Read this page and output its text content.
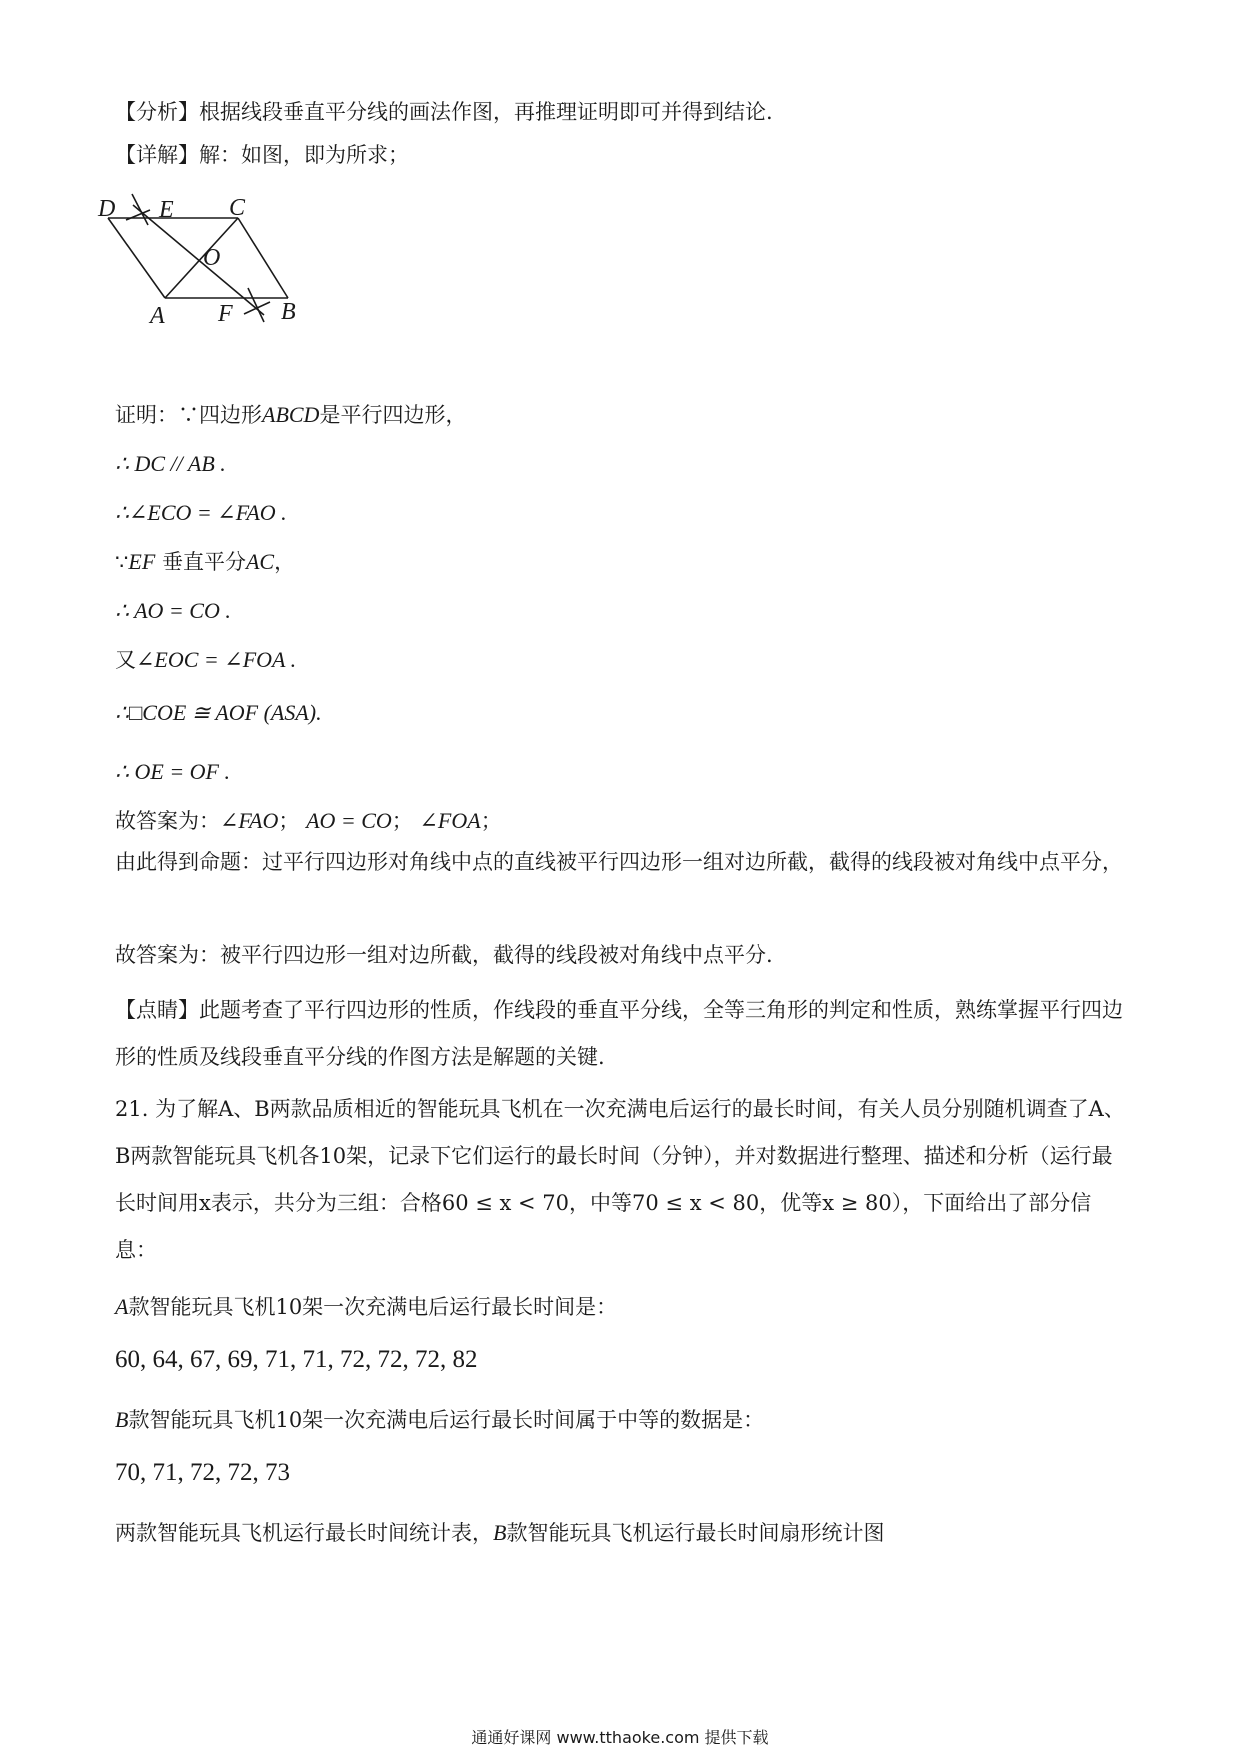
【分析】根据线段垂直平分线的画法作图，再推理证明即可并得到结论.
【详解】解：如图，即为所求；
D E C
O
A F B
证明：∵四边形ABCD是平行四边形，
∴ DC // AB .
∴∠ECO = ∠FAO .
∵EF 垂直平分AC，
∴ AO = CO .
又∠EOC = ∠FOA .
∴□COE ≅ AOF (ASA).
∴ OE = OF .
故答案为：∠FAO； AO = CO； ∠FOA；
由此得到命题：过平行四边形对角线中点的直线被平行四边形一组对边所截，截得的线段被对角线中点平分，
故答案为：被平行四边形一组对边所截，截得的线段被对角线中点平分.
【点睛】此题考查了平行四边形的性质，作线段的垂直平分线，全等三角形的判定和性质，熟练掌握平行四边形的性质及线段垂直平分线的作图方法是解题的关键.
21. 为了解A、B两款品质相近的智能玩具飞机在一次充满电后运行的最长时间，有关人员分别随机调查了A、B两款智能玩具飞机各10架，记录下它们运行的最长时间（分钟），并对数据进行整理、描述和分析（运行最长时间用x表示，共分为三组：合格60 ≤ x < 70，中等70 ≤ x < 80，优等x ≥ 80），下面给出了部分信息：
A款智能玩具飞机10架一次充满电后运行最长时间是：
60, 64, 67, 69, 71, 71, 72, 72, 72, 82
B款智能玩具飞机10架一次充满电后运行最长时间属于中等的数据是：
70, 71, 72, 72, 73
两款智能玩具飞机运行最长时间统计表，B款智能玩具飞机运行最长时间扇形统计图
通通好课网 www.tthaoke.com 提供下载
